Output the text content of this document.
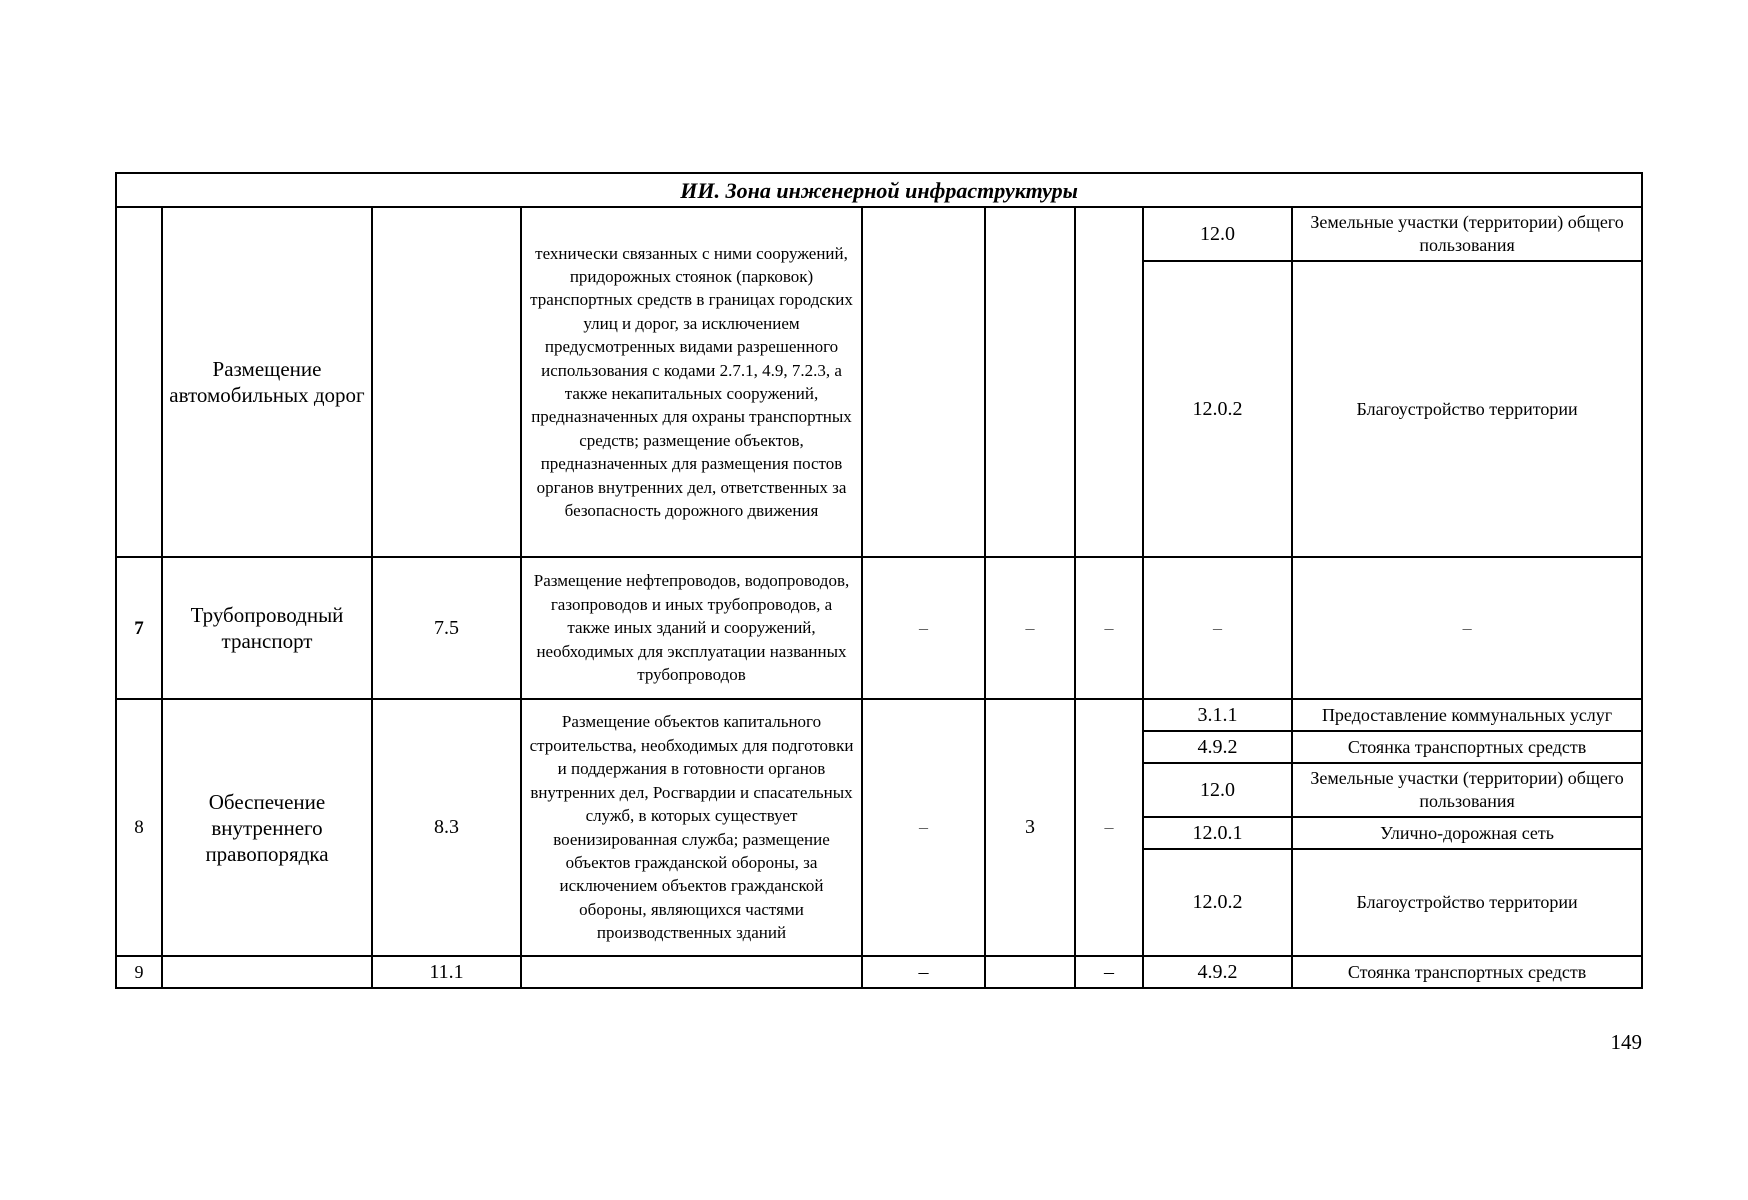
ИИ. Зона инженерной инфраструктуры								
	Размещение автомобильных дорог		технически связанных с ними сооружений, придорожных стоянок (парковок) транспортных средств в границах городских улиц и дорог, за исключением предусмотренных видами разрешенного использования с кодами 2.7.1, 4.9, 7.2.3, а также некапитальных сооружений, предназначенных для охраны транспортных средств; размещение объектов, предназначенных для размещения постов органов внутренних дел, ответственных за безопасность дорожного движения				12.0	Земельные участки (территории) общего пользования
							12.0.2	Благоустройство территории
7	Трубопроводный транспорт	7.5	Размещение нефтепроводов, водопроводов, газопроводов и иных трубопроводов, а также иных зданий и сооружений, необходимых для эксплуатации названных трубопроводов	–	–	–	–	–
8	Обеспечение внутреннего правопорядка	8.3	Размещение объектов капитального строительства, необходимых для подготовки и поддержания в готовности органов внутренних дел, Росгвардии и спасательных служб, в которых существует военизированная служба; размещение объектов гражданской обороны, за исключением объектов гражданской обороны, являющихся частями производственных зданий	–	3	–	3.1.1	Предоставление коммунальных услуг
							4.9.2	Стоянка транспортных средств
							12.0	Земельные участки (территории) общего пользования
							12.0.1	Улично-дорожная сеть
							12.0.2	Благоустройство территории
9		11.1		–		–	4.9.2	Стоянка транспортных средств
149
